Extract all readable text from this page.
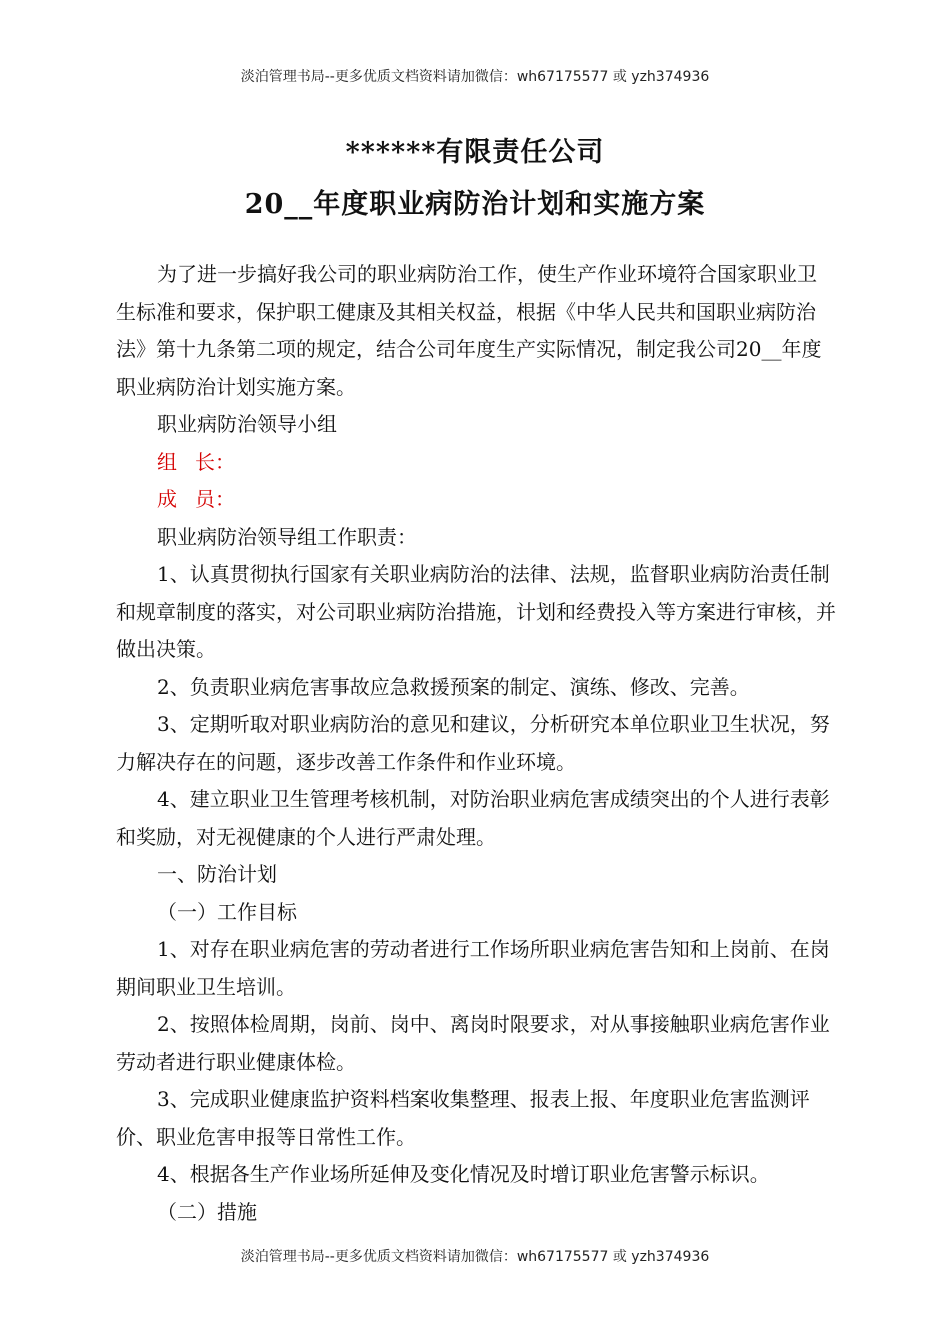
淡泊管理书局--更多优质文档资料请加微信：wh67175577 或 yzh374936
******有限责任公司
20__年度职业病防治计划和实施方案

为了进一步搞好我公司的职业病防治工作，使生产作业环境符合国家职业卫生标准和要求，保护职工健康及其相关权益，根据《中华人民共和国职业病防治法》第十九条第二项的规定，结合公司年度生产实际情况，制定我公司20__年度职业病防治计划实施方案。

职业病防治领导小组

组长：

成员：

职业病防治领导组工作职责：

1、认真贯彻执行国家有关职业病防治的法律、法规，监督职业病防治责任制和规章制度的落实，对公司职业病防治措施，计划和经费投入等方案进行审核，并做出决策。

2、负责职业病危害事故应急救援预案的制定、演练、修改、完善。

3、定期听取对职业病防治的意见和建议，分析研究本单位职业卫生状况，努力解决存在的问题，逐步改善工作条件和作业环境。

4、建立职业卫生管理考核机制，对防治职业病危害成绩突出的个人进行表彰和奖励，对无视健康的个人进行严肃处理。

一、防治计划

（一）工作目标

1、对存在职业病危害的劳动者进行工作场所职业病危害告知和上岗前、在岗期间职业卫生培训。

2、按照体检周期，岗前、岗中、离岗时限要求，对从事接触职业病危害作业劳动者进行职业健康体检。

3、完成职业健康监护资料档案收集整理、报表上报、年度职业危害监测评价、职业危害申报等日常性工作。

4、根据各生产作业场所延伸及变化情况及时增订职业危害警示标识。

（二）措施

淡泊管理书局--更多优质文档资料请加微信：wh67175577 或 yzh374936
